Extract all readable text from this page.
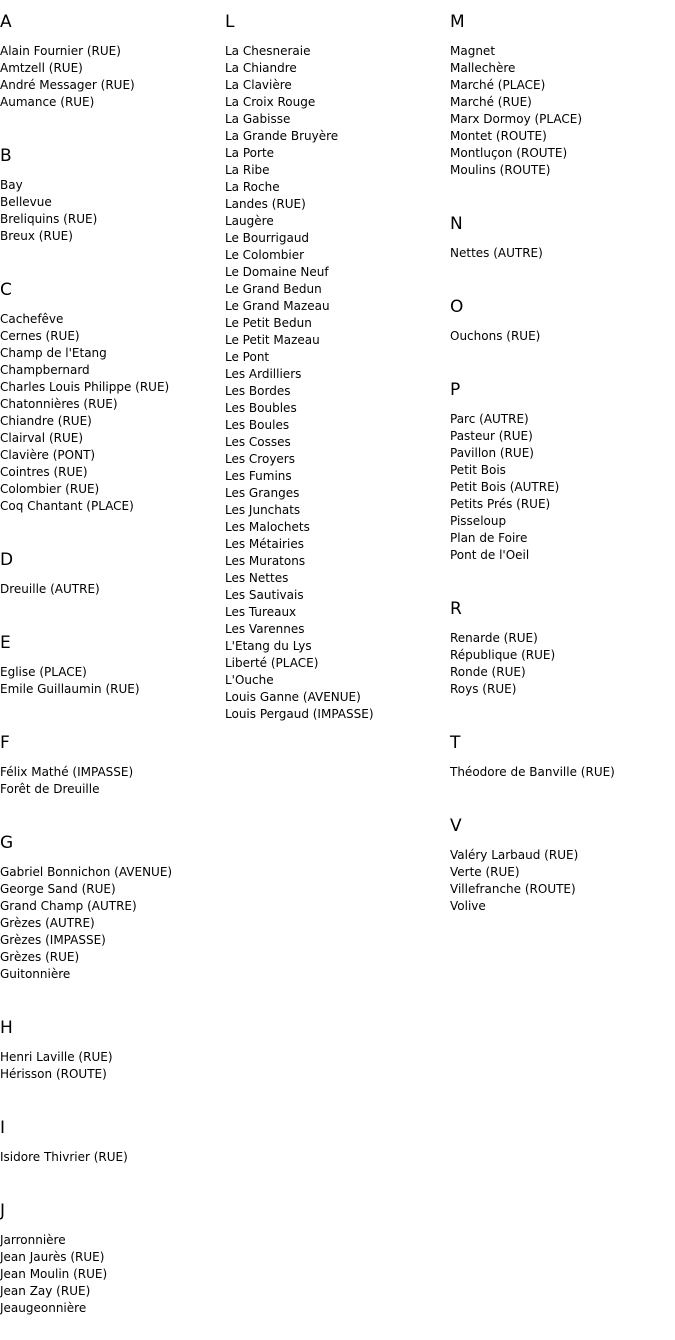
A
Alain Fournier (RUE)
Amtzell (RUE)
André Messager (RUE)
Aumance (RUE)
B
Bay
Bellevue
Breliquins (RUE)
Breux (RUE)
C
Cachefêve
Cernes (RUE)
Champ de l'Etang
Champbernard
Charles Louis Philippe (RUE)
Chatonnières (RUE)
Chiandre (RUE)
Clairval (RUE)
Clavière (PONT)
Cointres (RUE)
Colombier (RUE)
Coq Chantant (PLACE)
D
Dreuille (AUTRE)
E
Eglise (PLACE)
Emile Guillaumin (RUE)
F
Félix Mathé (IMPASSE)
Forêt de Dreuille
G
Gabriel Bonnichon (AVENUE)
George Sand (RUE)
Grand Champ (AUTRE)
Grèzes (AUTRE)
Grèzes (IMPASSE)
Grèzes (RUE)
Guitonnière
H
Henri Laville (RUE)
Hérisson (ROUTE)
I
Isidore Thivrier (RUE)
J
Jarronnière
Jean Jaurès (RUE)
Jean Moulin (RUE)
Jean Zay (RUE)
Jeaugeonnière
L
La Chesneraie
La Chiandre
La Clavière
La Croix Rouge
La Gabisse
La Grande Bruyère
La Porte
La Ribe
La Roche
Landes (RUE)
Laugère
Le Bourrigaud
Le Colombier
Le Domaine Neuf
Le Grand Bedun
Le Grand Mazeau
Le Petit Bedun
Le Petit Mazeau
Le Pont
Les Ardilliers
Les Bordes
Les Boubles
Les Boules
Les Cosses
Les Croyers
Les Fumins
Les Granges
Les Junchats
Les Malochets
Les Métairies
Les Muratons
Les Nettes
Les Sautivais
Les Tureaux
Les Varennes
L'Etang du Lys
Liberté (PLACE)
L'Ouche
Louis Ganne (AVENUE)
Louis Pergaud (IMPASSE)
M
Magnet
Mallechère
Marché (PLACE)
Marché (RUE)
Marx Dormoy (PLACE)
Montet (ROUTE)
Montluçon (ROUTE)
Moulins (ROUTE)
N
Nettes (AUTRE)
O
Ouchons (RUE)
P
Parc (AUTRE)
Pasteur (RUE)
Pavillon (RUE)
Petit Bois
Petit Bois (AUTRE)
Petits Prés (RUE)
Pisseloup
Plan de Foire
Pont de l'Oeil
R
Renarde (RUE)
République (RUE)
Ronde (RUE)
Roys (RUE)
T
Théodore de Banville (RUE)
V
Valéry Larbaud (RUE)
Verte (RUE)
Villefranche (ROUTE)
Volive
